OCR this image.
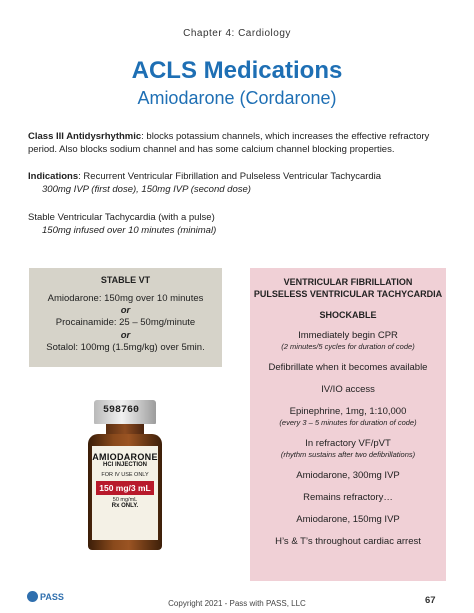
Chapter 4: Cardiology
ACLS Medications
Amiodarone (Cordarone)
Class III Antidysrhythmic: blocks potassium channels, which increases the effective refractory period. Also blocks sodium channel and has some calcium channel blocking properties.
Indications: Recurrent Ventricular Fibrillation and Pulseless Ventricular Tachycardia
300mg IVP (first dose), 150mg IVP (second dose)
Stable Ventricular Tachycardia (with a pulse)
150mg infused over 10 minutes (minimal)
STABLE VT
Amiodarone: 150mg over 10 minutes
or
Procainamide: 25 – 50mg/minute
or
Sotalol: 100mg (1.5mg/kg) over 5min.
VENTRICULAR FIBRILLATION
PULSELESS VENTRICULAR TACHYCARDIA
SHOCKABLE
Immediately begin CPR
(2 minutes/5 cycles for duration of code)
Defibrillate when it becomes available
IV/IO access
Epinephrine, 1mg, 1:10,000
(every 3 – 5 minutes for duration of code)
In refractory VF/pVT
(rhythm sustains after two defibrillations)
Amiodarone, 300mg IVP
Remains refractory…
Amiodarone, 150mg IVP
H’s & T’s throughout cardiac arrest
598760
AMIODARONE
HCl INJECTION
FOR IV USE ONLY
150 mg/3 mL
50 mg/mL
Rx ONLY.
PASS
Copyright 2021 - Pass with PASS, LLC	67
